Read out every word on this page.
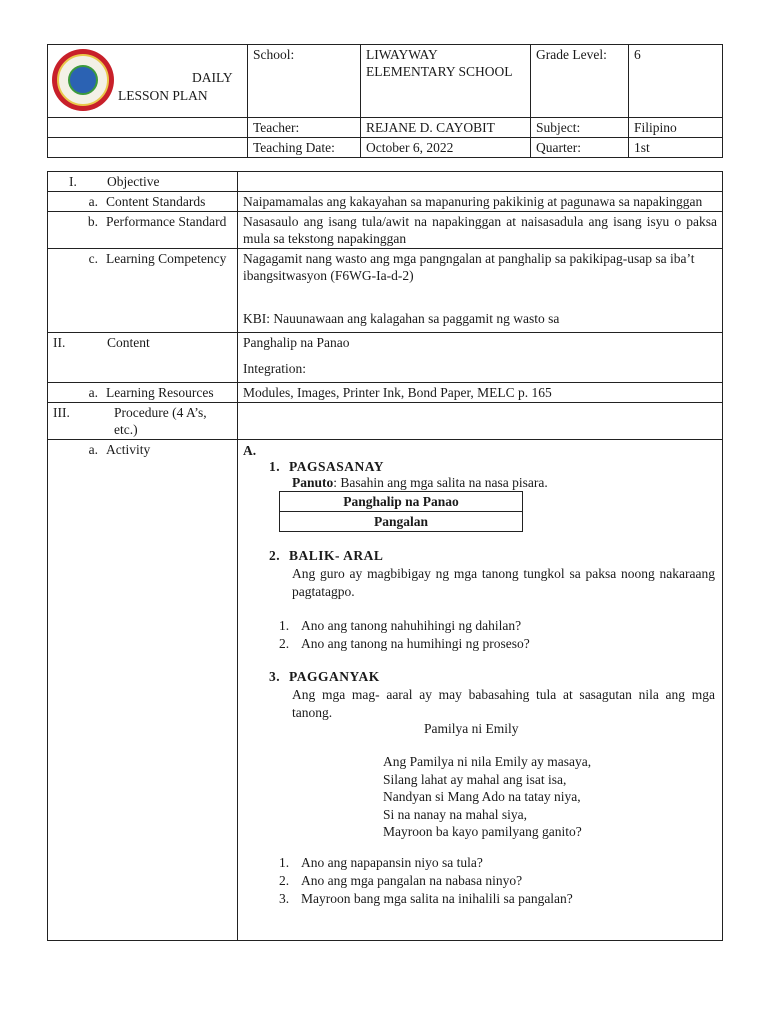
DAILY
LESSON PLAN	School:	LIWAYWAY ELEMENTARY SCHOOL	Grade Level:	6
	Teacher:	REJANE D. CAYOBIT	Subject:	Filipino
	Teaching Date:	October 6, 2022	Quarter:	1st
I. Objective	

a. Content Standards	Naipamamalas ang kakayahan sa mapanuring pakikinig at pagunawa sa napakinggan

b. Performance Standard	Nasasaulo ang isang tula/awit na napakinggan at naisasadula ang isang isyu o paksa mula sa tekstong napakinggan

c. Learning Competency	Nagagamit nang wasto ang mga pangngalan at panghalip sa pakikipag-usap sa iba’t ibangsitwasyon (F6WG-Ia-d-2)
KBI: Nauunawaan ang kalagahan sa paggamit ng wasto sa

II.	Content	Panghalip na Panao
Integration:

a. Learning Resources	Modules, Images, Printer Ink, Bond Paper, MELC p. 165

III.	Procedure (4 A’s, etc.)

a. Activity	A.
1. PAGSASANAY
Panuto: Basahin ang mga salita na nasa pisara.
Panghalip na Panao
Pangalan
2. BALIK- ARAL
Ang guro ay magbibigay ng mga tanong tungkol sa paksa noong nakaraang pagtatagpo.
1. Ano ang tanong nahuhihingi ng dahilan?
2. Ano ang tanong na humihingi ng proseso?
3. PAGGANYAK
Ang mga mag- aaral ay may babasahing tula at sasagutan nila ang mga tanong.
Pamilya ni Emily
Ang Pamilya ni nila Emily ay masaya,
Silang lahat ay mahal ang isat isa,
Nandyan si Mang Ado na tatay niya,
Si na nanay na mahal siya,
Mayroon ba kayo pamilyang ganito?
1. Ano ang napapansin niyo sa tula?
2. Ano ang mga pangalan na nabasa ninyo?
3. Mayroon bang mga salita na inihalili sa pangalan?
